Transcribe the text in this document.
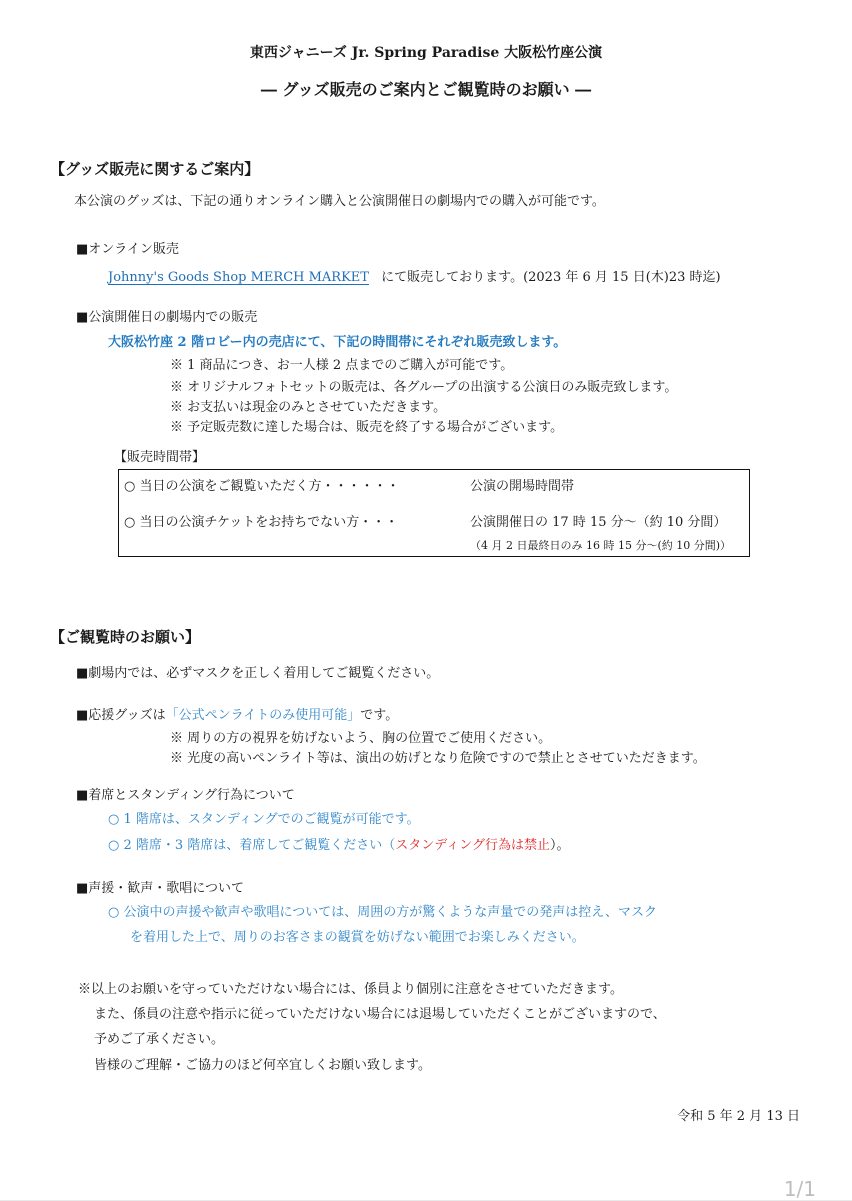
東西ジャニーズ Jr. Spring Paradise 大阪松竹座公演
― グッズ販売のご案内とご観覧時のお願い ―
【グッズ販売に関するご案内】
本公演のグッズは、下記の通りオンライン購入と公演開催日の劇場内での購入が可能です。
■オンライン販売
Johnny's Goods Shop MERCH MARKET にて販売しております。(2023 年 6 月 15 日(木)23 時迄)
■公演開催日の劇場内での販売
大阪松竹座 2 階ロビー内の売店にて、下記の時間帯にそれぞれ販売致します。
※ 1 商品につき、お一人様 2 点までのご購入が可能です。
※ オリジナルフォトセットの販売は、各グループの出演する公演日のみ販売致します。
※ お支払いは現金のみとさせていただきます。
※ 予定販売数に達した場合は、販売を終了する場合がございます。
【販売時間帯】
○ 当日の公演をご観覧いただく方・・・・・・	公演の開場時間帯
○ 当日の公演チケットをお持ちでない方・・・	公演開催日の 17 時 15 分～（約 10 分間）
（4 月 2 日最終日のみ 16 時 15 分～(約 10 分間)）
【ご観覧時のお願い】
■劇場内では、必ずマスクを正しく着用してご観覧ください。
■応援グッズは「公式ペンライトのみ使用可能」です。
※ 周りの方の視界を妨げないよう、胸の位置でご使用ください。
※ 光度の高いペンライト等は、演出の妨げとなり危険ですので禁止とさせていただきます。
■着席とスタンディング行為について
○ 1 階席は、スタンディングでのご観覧が可能です。
○ 2 階席・3 階席は、着席してご観覧ください（スタンディング行為は禁止）。
■声援・歓声・歌唱について
○ 公演中の声援や歓声や歌唱については、周囲の方が驚くような声量での発声は控え、マスク
を着用した上で、周りのお客さまの観賞を妨げない範囲でお楽しみください。
※以上のお願いを守っていただけない場合には、係員より個別に注意をさせていただきます。
また、係員の注意や指示に従っていただけない場合には退場していただくことがございますので、
予めご了承ください。
皆様のご理解・ご協力のほど何卒宜しくお願い致します。
令和 5 年 2 月 13 日
1/1
